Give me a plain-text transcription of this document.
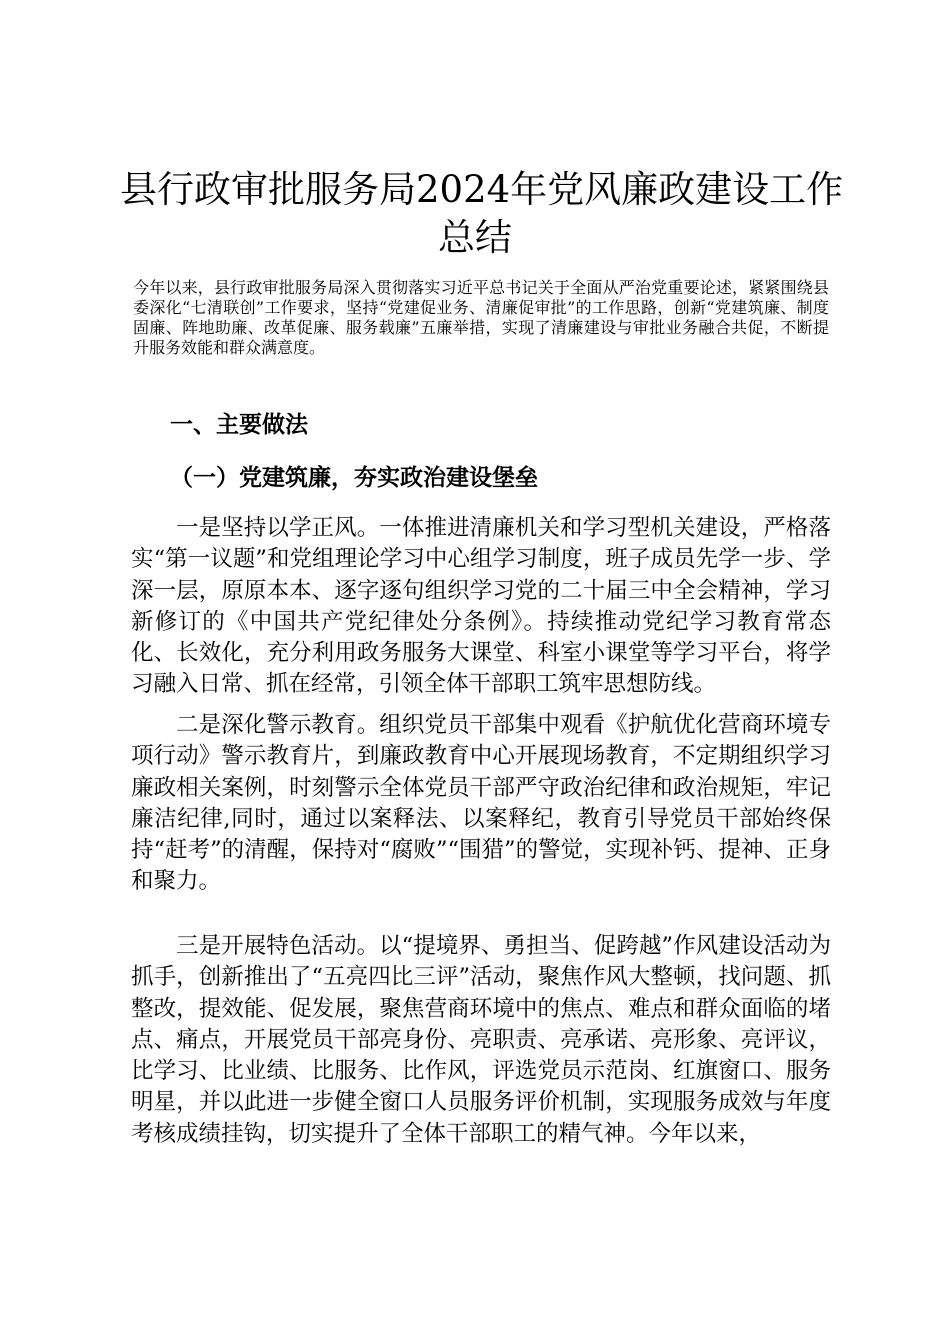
县行政审批服务局2024年党风廉政建设工作
总结

今年以来，县行政审批服务局深入贯彻落实习近平总书记关于全面从严治党重要论述，紧紧围绕县委深化“七清联创”工作要求，坚持“党建促业务、清廉促审批”的工作思路，创新“党建筑廉、制度固廉、阵地助廉、改革促廉、服务载廉”五廉举措，实现了清廉建设与审批业务融合共促，不断提升服务效能和群众满意度。

一、主要做法
（一）党建筑廉，夯实政治建设堡垒

一是坚持以学正风。一体推进清廉机关和学习型机关建设，严格落实“第一议题”和党组理论学习中心组学习制度，班子成员先学一步、学深一层，原原本本、逐字逐句组织学习党的二十届三中全会精神，学习新修订的《中国共产党纪律处分条例》。持续推动党纪学习教育常态化、长效化，充分利用政务服务大课堂、科室小课堂等学习平台，将学习融入日常、抓在经常，引领全体干部职工筑牢思想防线。

二是深化警示教育。组织党员干部集中观看《护航优化营商环境专项行动》警示教育片，到廉政教育中心开展现场教育，不定期组织学习廉政相关案例，时刻警示全体党员干部严守政治纪律和政治规矩，牢记廉洁纪律,同时，通过以案释法、以案释纪，教育引导党员干部始终保持“赶考”的清醒，保持对“腐败”“围猎”的警觉，实现补钙、提神、正身和聚力。

三是开展特色活动。以“提境界、勇担当、促跨越”作风建设活动为抓手，创新推出了“五亮四比三评”活动，聚焦作风大整顿，找问题、抓整改，提效能、促发展，聚焦营商环境中的焦点、难点和群众面临的堵点、痛点，开展党员干部亮身份、亮职责、亮承诺、亮形象、亮评议，比学习、比业绩、比服务、比作风，评选党员示范岗、红旗窗口、服务明星，并以此进一步健全窗口人员服务评价机制，实现服务成效与年度考核成绩挂钩，切实提升了全体干部职工的精气神。今年以来，
